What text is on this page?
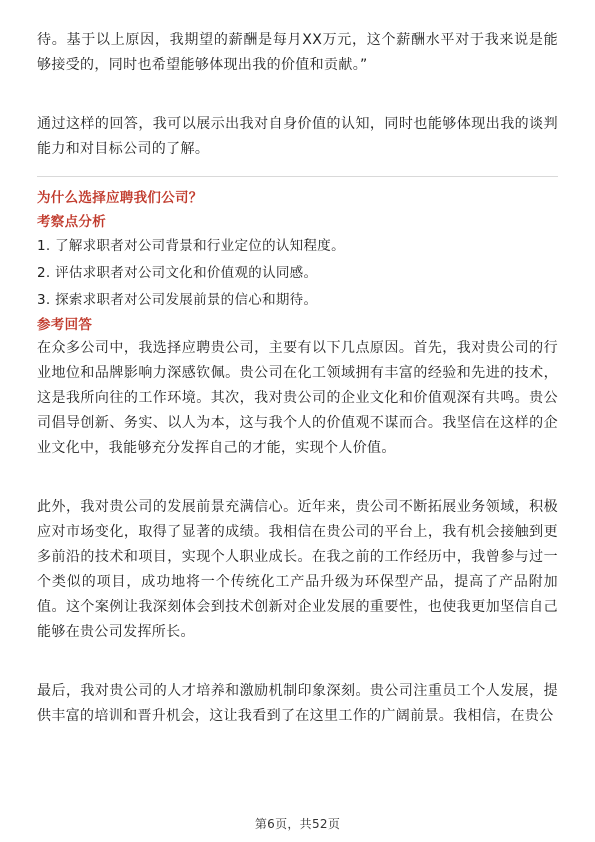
待。基于以上原因，我期望的薪酬是每月XX万元，这个薪酬水平对于我来说是能够接受的，同时也希望能够体现出我的价值和贡献。”

通过这样的回答，我可以展示出我对自身价值的认知，同时也能够体现出我的谈判能力和对目标公司的了解。

为什么选择应聘我们公司？

考察点分析

1. 了解求职者对公司背景和行业定位的认知程度。
2. 评估求职者对公司文化和价值观的认同感。
3. 探索求职者对公司发展前景的信心和期待。

参考回答

在众多公司中，我选择应聘贵公司，主要有以下几点原因。首先，我对贵公司的行业地位和品牌影响力深感钦佩。贵公司在化工领域拥有丰富的经验和先进的技术，这是我所向往的工作环境。其次，我对贵公司的企业文化和价值观深有共鸣。贵公司倡导创新、务实、以人为本，这与我个人的价值观不谋而合。我坚信在这样的企业文化中，我能够充分发挥自己的才能，实现个人价值。

此外，我对贵公司的发展前景充满信心。近年来，贵公司不断拓展业务领域，积极应对市场变化，取得了显著的成绩。我相信在贵公司的平台上，我有机会接触到更多前沿的技术和项目，实现个人职业成长。在我之前的工作经历中，我曾参与过一个类似的项目，成功地将一个传统化工产品升级为环保型产品，提高了产品附加值。这个案例让我深刻体会到技术创新对企业发展的重要性，也使我更加坚信自己能够在贵公司发挥所长。

最后，我对贵公司的人才培养和激励机制印象深刻。贵公司注重员工个人发展，提供丰富的培训和晋升机会，这让我看到了在这里工作的广阔前景。我相信，在贵公

第6页，共52页
